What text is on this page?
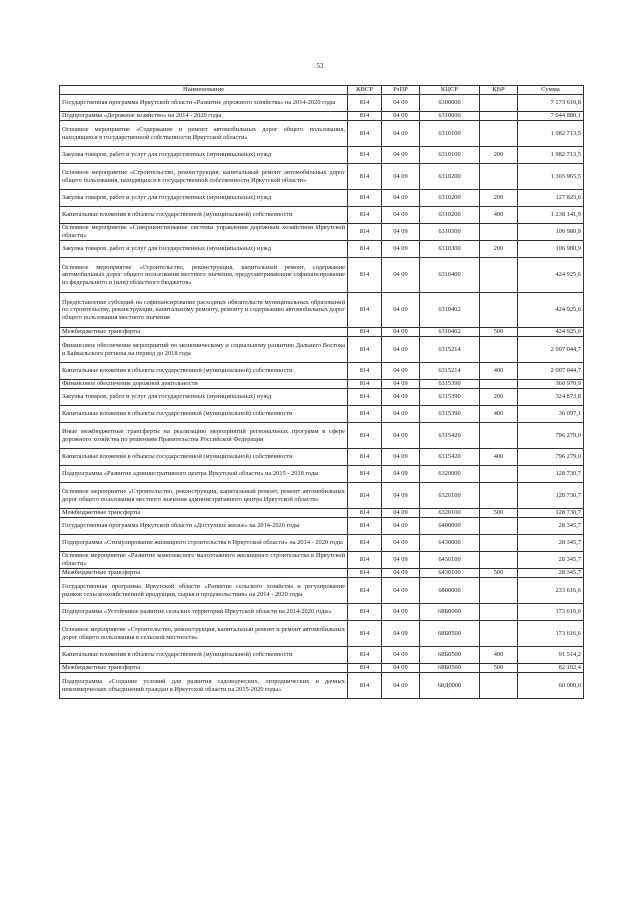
53
Наименование	КВСР	РзПР	КЦСР	КВР	Сумма
Государственная программа Иркутской области «Развитие дорожного хозяйства» на 2014-2020 годы	814	04 09	6300000		7 173 610,8
Подпрограмма «Дорожное хозяйство» на 2014 - 2020 годы	814	04 09	6310000		7 044 880,1
Основное мероприятие «Содержание и ремонт автомобильных дорог общего пользования, находящихся в государственной собственности Иркутской области»	814	04 09	6310100		1 982 713,5
Закупка товаров, работ и услуг для государственных (муниципальных) нужд	814	04 09	6310100	200	1 982 713,5
Основное мероприятие «Строительство, реконструкция, капитальный ремонт автомобильных дорог общего пользования, находящихся в государственной собственности Иркутской области»	814	04 09	6310200		1 365 965,5
Закупка товаров, работ и услуг для государственных (муниципальных) нужд	814	04 09	6310200	200	127 823,6
Капитальные вложения в объекты государственной (муниципальной) собственности	814	04 09	6310200	400	1 238 141,9
Основное мероприятие «Совершенствование системы управления дорожным хозяйством Иркутской области»	814	04 09	6310300		106 980,9
Закупка товаров, работ и услуг для государственных (муниципальных) нужд	814	04 09	6310300	200	106 980,9
Основное мероприятие «Строительство, реконструкция, капитальный ремонт, содержание автомобильных дорог общего пользования местного значения, предусматривающие софинансирование из федерального и (или) областного бюджетов»	814	04 09	6310400		424 925,6
Предоставление субсидий на софинансирование расходных обязательств муниципальных образований по строительству, реконструкции, капитальному ремонту, ремонту и содержанию автомобильных дорог общего пользования местного значения	814	04 09	6310402		424 925,6
Межбюджетные трансферты	814	04 09	6310402	500	424 925,6
Финансовое обеспечение мероприятий по экономическому и социальному развитию Дальнего Востока и Байкальского региона на период до 2018 года	814	04 09	6315214		2 007 044,7
Капитальные вложения в объекты государственной (муниципальной) собственности	814	04 09	6315214	400	2 007 044,7
Финансовое обеспечение дорожной деятельности	814	04 09	6315390		360 970,9
Закупка товаров, работ и услуг для государственных (муниципальных) нужд	814	04 09	6315390	200	324 873,8
Капитальные вложения в объекты государственной (муниципальной) собственности	814	04 09	6315390	400	36 097,1
Иные межбюджетные трансферты на реализацию мероприятий региональных программ в сфере дорожного хозяйства по решениям Правительства Российской Федерации	814	04 09	6315420		796 279,0
Капитальные вложения в объекты государственной (муниципальной) собственности	814	04 09	6315420	400	796 279,0
Подпрограмма «Развитие административного центра Иркутской области» на 2015 - 2018 годы	814	04 09	6320000		128 730,7
Основное мероприятие «Строительство, реконструкция, капитальный ремонт, ремонт автомобильных дорог общего пользования местного значения административного центра Иркутской области»	814	04 09	6320100		128 730,7
Межбюджетные трансферты	814	04 09	6320100	500	128 730,7
Государственная программа Иркутской области «Доступное жилье» на 2014-2020 годы	814	04 09	6400000		28 345,7
Подпрограмма «Стимулирование жилищного строительства в Иркутской области» на 2014 - 2020 годы	814	04 09	6430000		28 345,7
Основное мероприятие «Развитие комплексного малоэтажного жилищного строительства в Иркутской области»	814	04 09	6430100		28 345,7
Межбюджетные трансферты	814	04 09	6430100	500	28 345,7
Государственная программа Иркутской области «Развитие сельского хозяйства и регулирование рынков сельскохозяйственной продукции, сырья и продовольствия» на 2014 - 2020 годы	814	04 09	6800000		233 616,6
Подпрограмма «Устойчивое развитие сельских территорий Иркутской области на 2014-2020 годы»	814	04 09	68Б0000		173 616,6
Основное мероприятие «Строительство, реконструкция, капитальный ремонт и ремонт автомобильных дорог общего пользования в сельской местности»	814	04 09	68Б0500		173 616,6
Капитальные вложения в объекты государственной (муниципальной) собственности	814	04 09	68Б0500	400	91 514,2
Межбюджетные трансферты	814	04 09	68Б0500	500	82 102,4
Подпрограмма «Создание условий для развития садоводческих, огороднических и дачных некоммерческих объединений граждан в Иркутской области на 2015-2020 годы»	814	04 09	68Д0000		60 000,0
